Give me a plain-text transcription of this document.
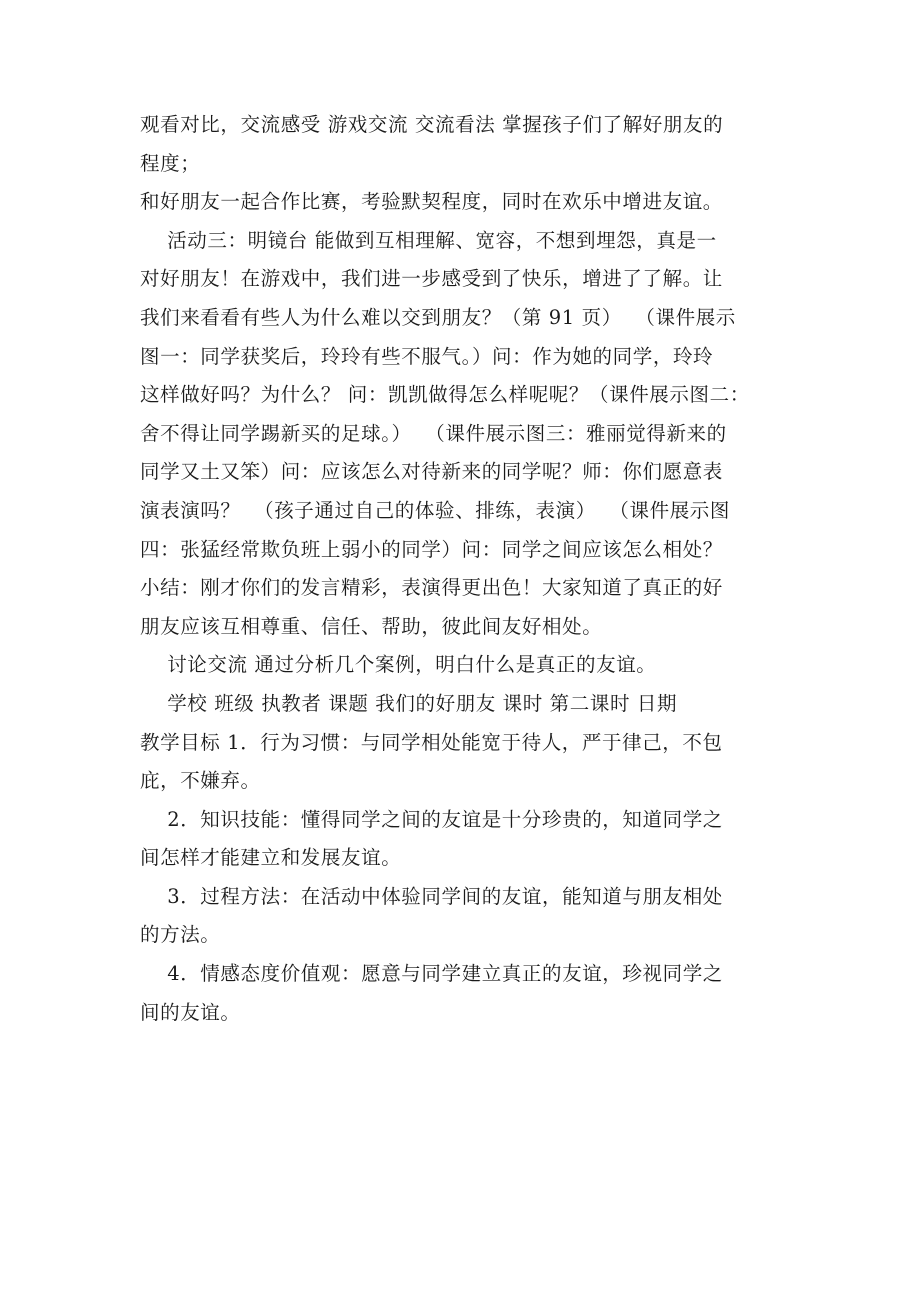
观看对比，交流感受 游戏交流 交流看法 掌握孩子们了解好朋友的
程度；
和好朋友一起合作比赛，考验默契程度，同时在欢乐中增进友谊。
活动三：明镜台 能做到互相理解、宽容，不想到埋怨，真是一
对好朋友！在游戏中，我们进一步感受到了快乐，增进了了解。让
我们来看看有些人为什么难以交到朋友？（第 91 页）  （课件展示
图一：同学获奖后，玲玲有些不服气。）问：作为她的同学，玲玲
这样做好吗？为什么？ 问：凯凯做得怎么样呢呢？（课件展示图二：
舍不得让同学踢新买的足球。）  （课件展示图三：雅丽觉得新来的
同学又土又笨）问：应该怎么对待新来的同学呢？师：你们愿意表
演表演吗？  （孩子通过自己的体验、排练，表演）  （课件展示图
四：张猛经常欺负班上弱小的同学）问：同学之间应该怎么相处？
小结：刚才你们的发言精彩，表演得更出色！大家知道了真正的好
朋友应该互相尊重、信任、帮助，彼此间友好相处。
讨论交流 通过分析几个案例，明白什么是真正的友谊。
学校 班级 执教者 课题 我们的好朋友 课时 第二课时 日期
教学目标 1．行为习惯：与同学相处能宽于待人，严于律己，不包
庇，不嫌弃。
2．知识技能：懂得同学之间的友谊是十分珍贵的，知道同学之
间怎样才能建立和发展友谊。
3．过程方法：在活动中体验同学间的友谊，能知道与朋友相处
的方法。
4．情感态度价值观：愿意与同学建立真正的友谊，珍视同学之
间的友谊。
